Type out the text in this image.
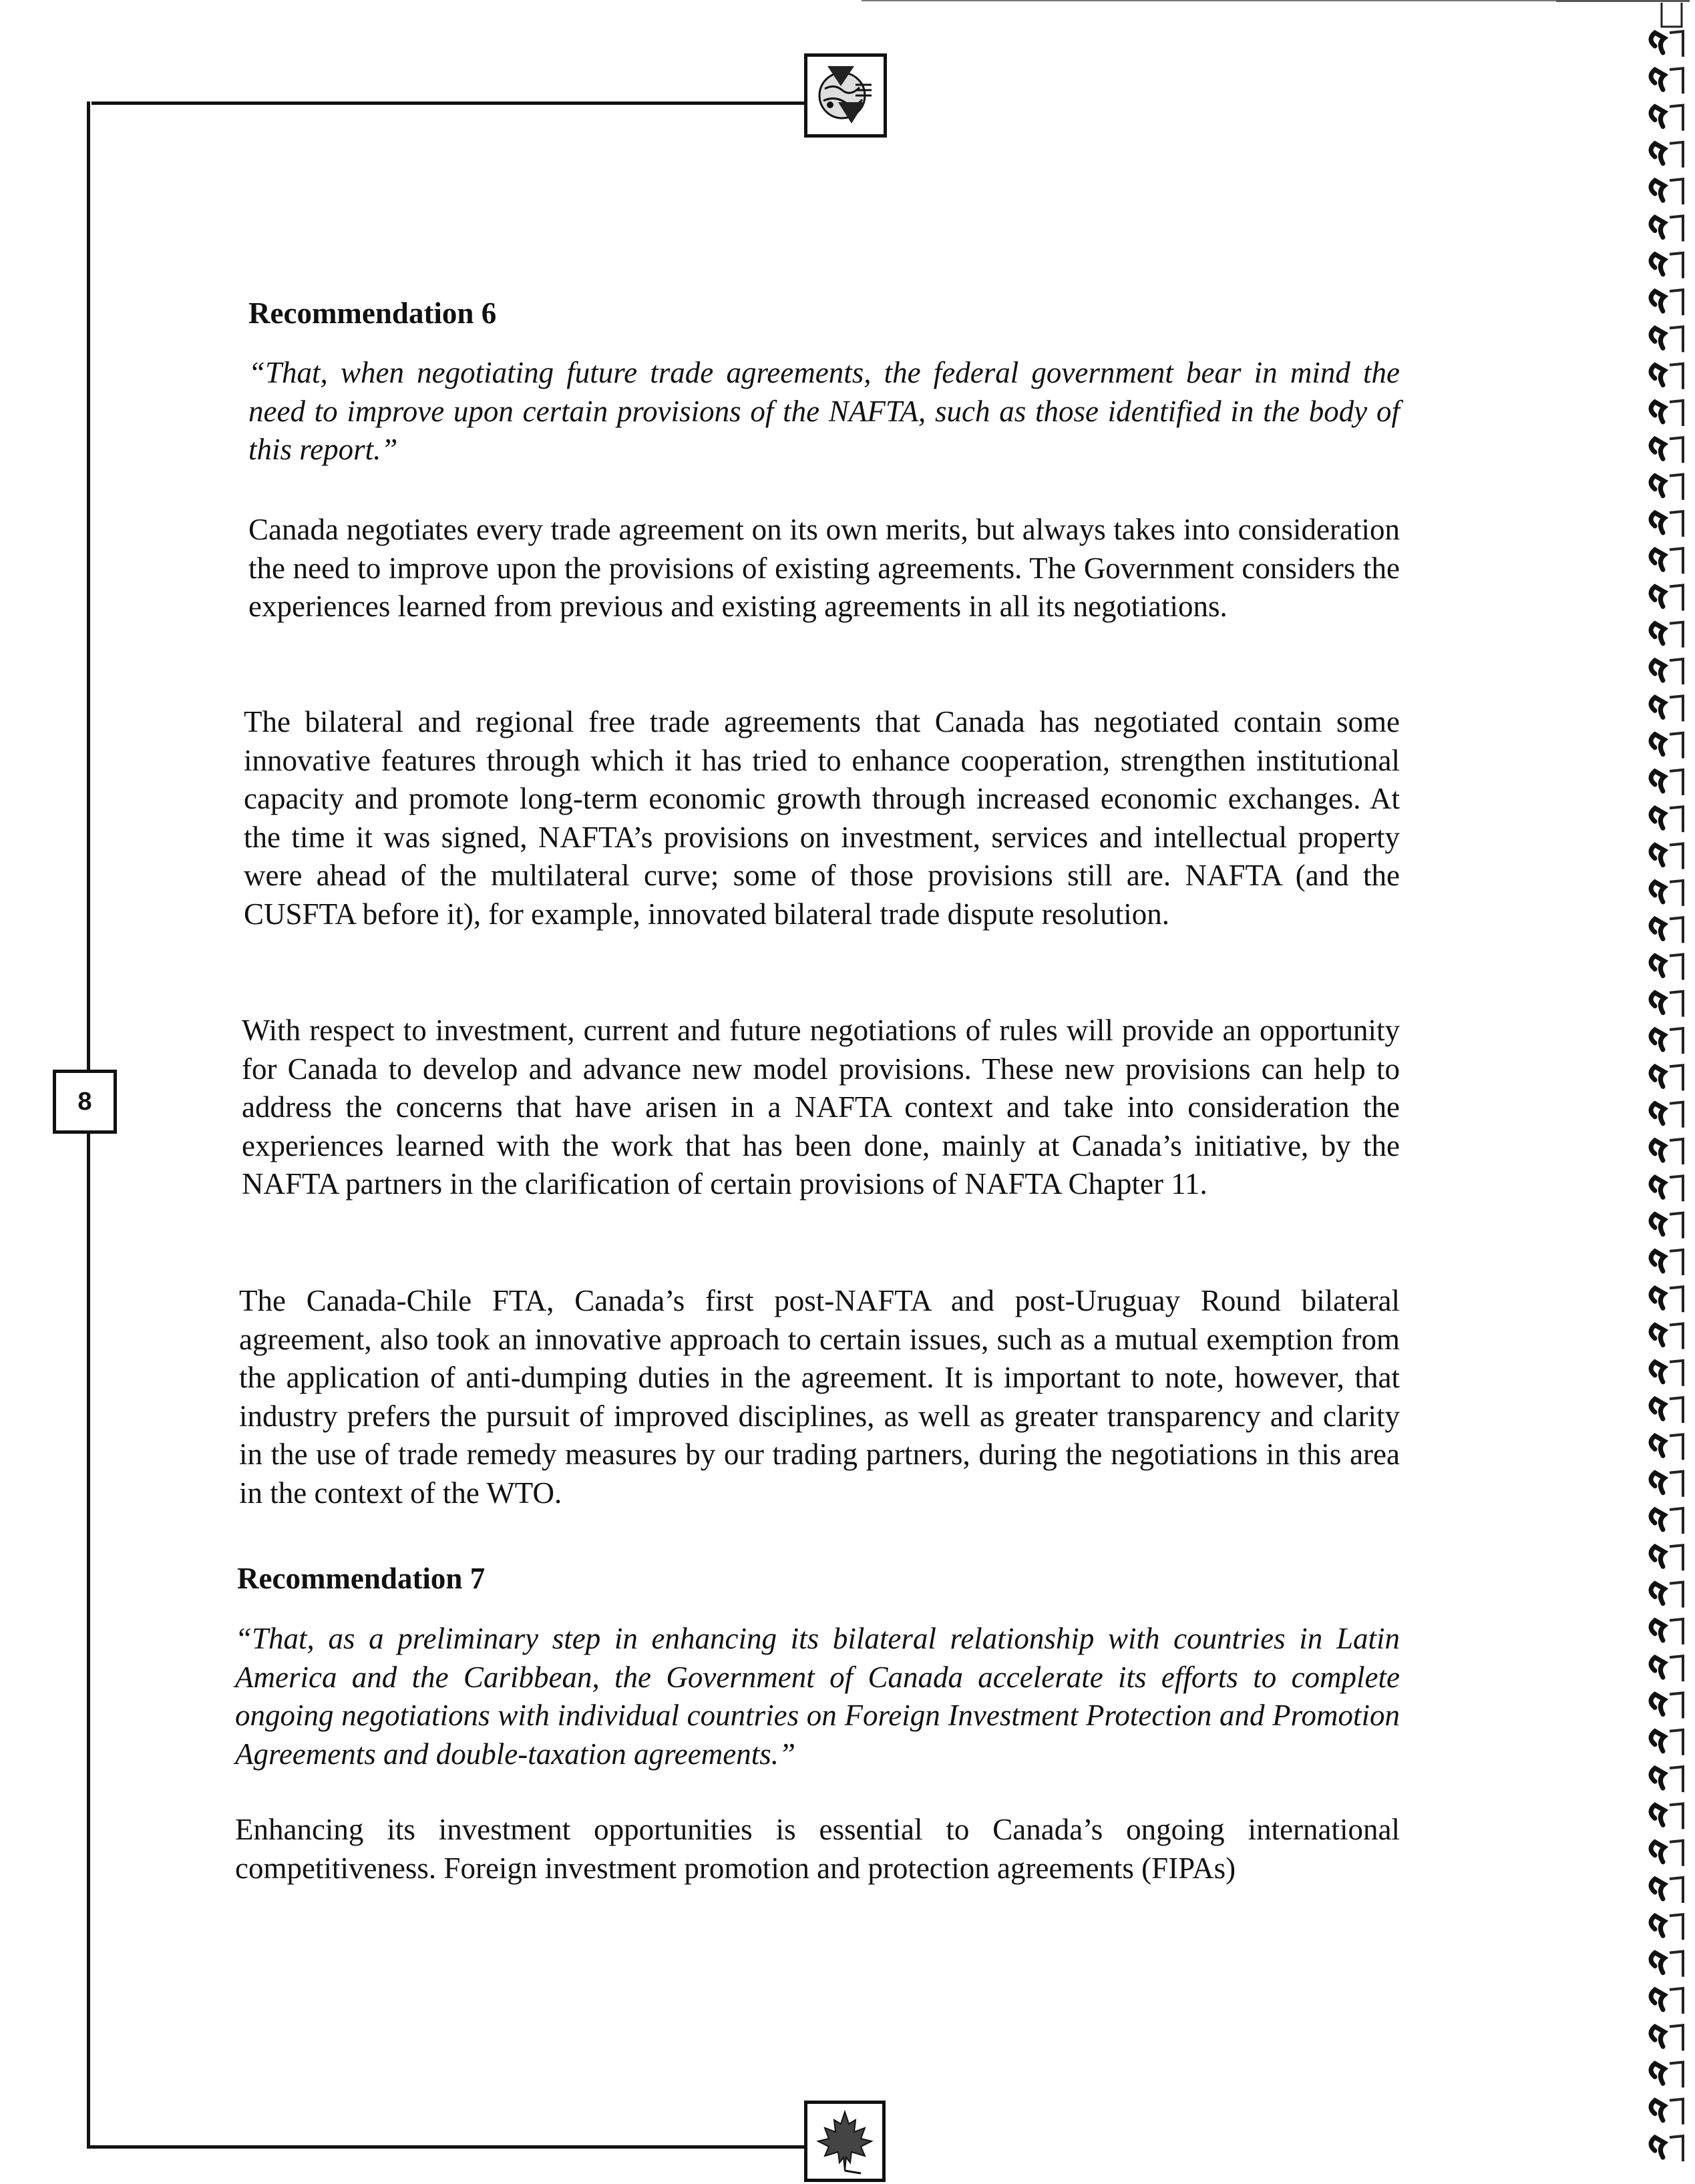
8
Recommendation 6
“That, when negotiating future trade agreements, the federal government bear in mind the need to improve upon certain provisions of the NAFTA, such as those identified in the body of this report.”
Canada negotiates every trade agreement on its own merits, but always takes into consideration the need to improve upon the provisions of existing agreements. The Government considers the experiences learned from previous and existing agreements in all its negotiations.
The bilateral and regional free trade agreements that Canada has negotiated contain some innovative features through which it has tried to enhance cooperation, strengthen institutional capacity and promote long-term economic growth through increased economic exchanges. At the time it was signed, NAFTA’s provisions on investment, services and intellectual property were ahead of the multilateral curve; some of those provisions still are. NAFTA (and the CUSFTA before it), for example, innovated bilateral trade dispute resolution.
With respect to investment, current and future negotiations of rules will provide an opportunity for Canada to develop and advance new model provisions. These new provisions can help to address the concerns that have arisen in a NAFTA context and take into consideration the experiences learned with the work that has been done, mainly at Canada’s initiative, by the NAFTA partners in the clarification of certain provisions of NAFTA Chapter 11.
The Canada-Chile FTA, Canada’s first post-NAFTA and post-Uruguay Round bilateral agreement, also took an innovative approach to certain issues, such as a mutual exemption from the application of anti-dumping duties in the agreement. It is important to note, however, that industry prefers the pursuit of improved disciplines, as well as greater transparency and clarity in the use of trade remedy measures by our trading partners, during the negotiations in this area in the context of the WTO.
Recommendation 7
“That, as a preliminary step in enhancing its bilateral relationship with countries in Latin America and the Caribbean, the Government of Canada accelerate its efforts to complete ongoing negotiations with individual countries on Foreign Investment Protection and Promotion Agreements and double-taxation agreements.”
Enhancing its investment opportunities is essential to Canada’s ongoing international competitiveness. Foreign investment promotion and protection agreements (FIPAs)
